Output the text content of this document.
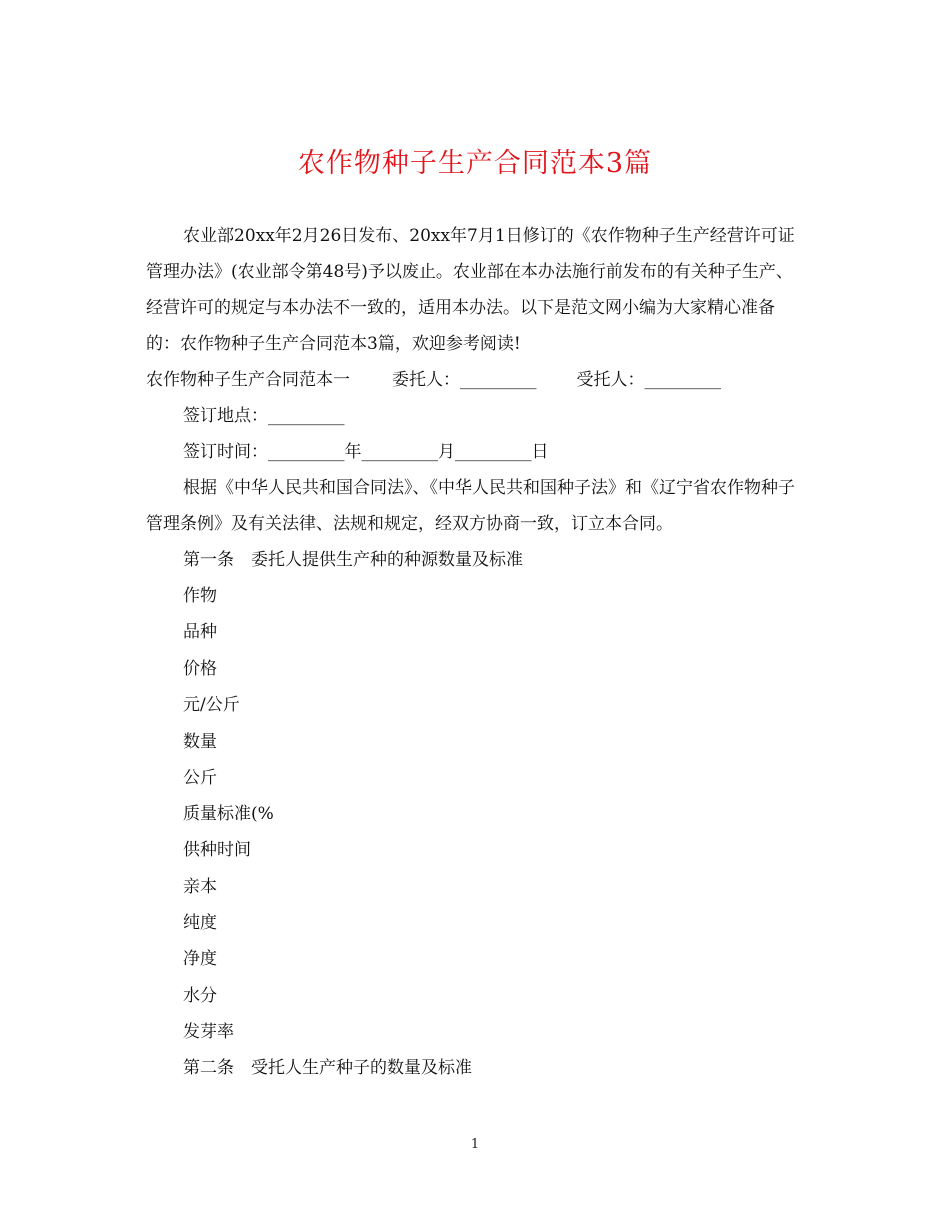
农作物种子生产合同范本3篇
农业部20xx年2月26日发布、20xx年7月1日修订的《农作物种子生产经营许可证管理办法》(农业部令第48号)予以废止。农业部在本办法施行前发布的有关种子生产、经营许可的规定与本办法不一致的，适用本办法。以下是范文网小编为大家精心准备的：农作物种子生产合同范本3篇，欢迎参考阅读!
农作物种子生产合同范本一 委托人：_________ 受托人：_________
签订地点：_________
签订时间：_________年_________月_________日
根据《中华人民共和国合同法》、《中华人民共和国种子法》和《辽宁省农作物种子管理条例》及有关法律、法规和规定，经双方协商一致，订立本合同。
第一条　委托人提供生产种的种源数量及标准
作物
品种
价格
元/公斤
数量
公斤
质量标准(%
供种时间
亲本
纯度
净度
水分
发芽率
第二条　受托人生产种子的数量及标准
1
